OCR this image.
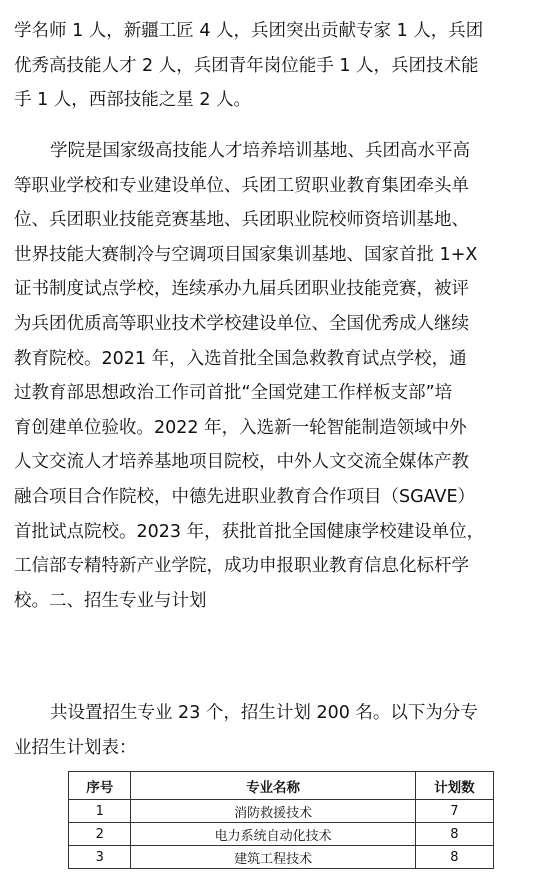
学名师 1 人，新疆工匠 4 人，兵团突出贡献专家 1 人，兵团
优秀高技能人才 2 人，兵团青年岗位能手 1 人，兵团技术能
手 1 人，西部技能之星 2 人。
学院是国家级高技能人才培养培训基地、兵团高水平高
等职业学校和专业建设单位、兵团工贸职业教育集团牵头单
位、兵团职业技能竞赛基地、兵团职业院校师资培训基地、
世界技能大赛制冷与空调项目国家集训基地、国家首批 1+X
证书制度试点学校，连续承办九届兵团职业技能竞赛，被评
为兵团优质高等职业技术学校建设单位、全国优秀成人继续
教育院校。2021 年，入选首批全国急救教育试点学校，通
过教育部思想政治工作司首批“全国党建工作样板支部”培
育创建单位验收。2022 年，入选新一轮智能制造领域中外
人文交流人才培养基地项目院校，中外人文交流全媒体产教
融合项目合作院校，中德先进职业教育合作项目（SGAVE）
首批试点院校。2023 年，获批首批全国健康学校建设单位，
工信部专精特新产业学院，成功申报职业教育信息化标杆学
校。二、招生专业与计划
共设置招生专业 23 个，招生计划 200 名。以下为分专
业招生计划表：
序号	专业名称	计划数
1	消防救援技术	7
2	电力系统自动化技术	8
3	建筑工程技术	8
